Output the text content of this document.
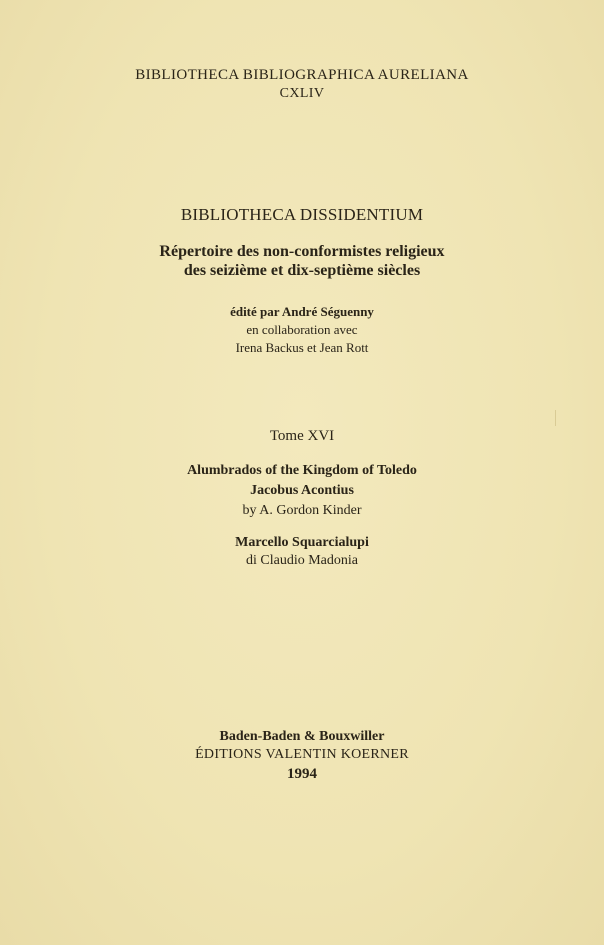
BIBLIOTHECA BIBLIOGRAPHICA AURELIANA
CXLIV
BIBLIOTHECA DISSIDENTIUM
Répertoire des non-conformistes religieux
des seizième et dix-septième siècles
édité par André Séguenny
en collaboration avec
Irena Backus et Jean Rott
Tome XVI
Alumbrados of the Kingdom of Toledo
Jacobus Acontius
by A. Gordon Kinder
Marcello Squarcialupi
di Claudio Madonia
Baden-Baden & Bouxwiller
ÉDITIONS VALENTIN KOERNER
1994
